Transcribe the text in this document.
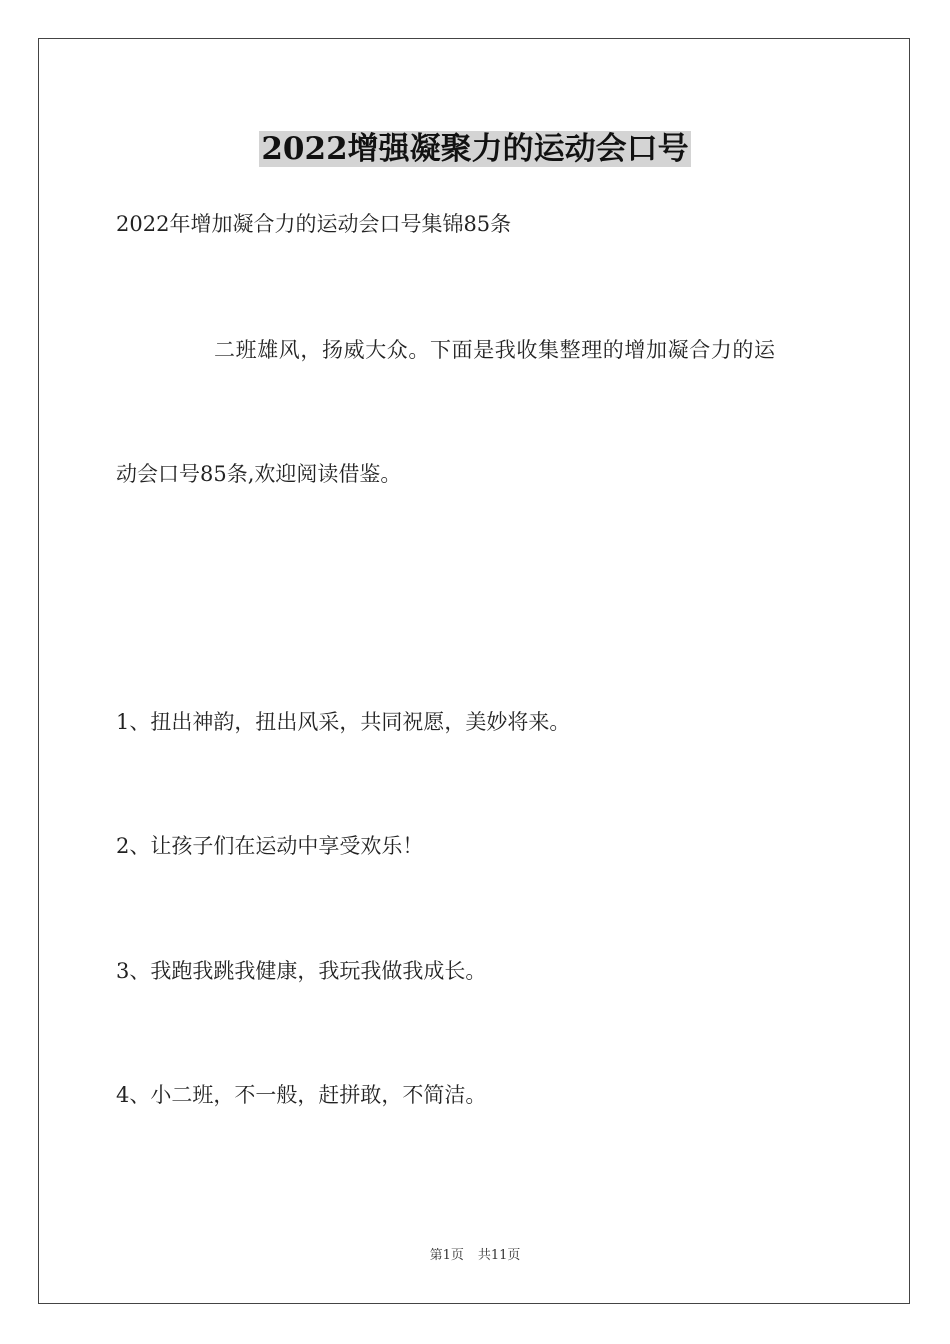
2022增强凝聚力的运动会口号
2022年增加凝合力的运动会口号集锦85条
二班雄风，扬威大众。下面是我收集整理的增加凝合力的运
动会口号85条,欢迎阅读借鉴。
1、扭出神韵，扭出风采，共同祝愿，美妙将来。
2、让孩子们在运动中享受欢乐！
3、我跑我跳我健康，我玩我做我成长。
4、小二班，不一般，赶拼敢，不简洁。
第1页 共11页
